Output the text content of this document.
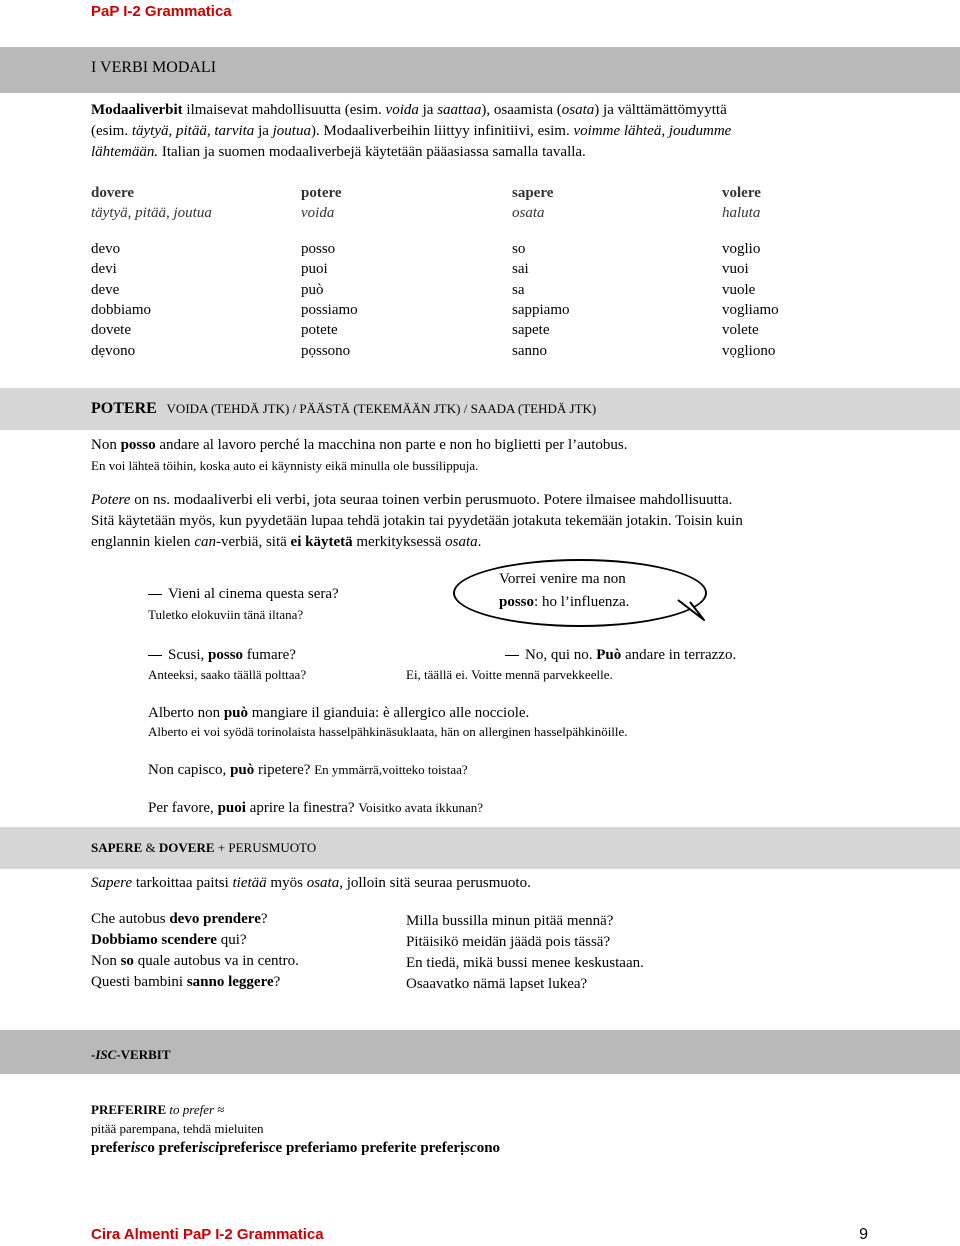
PaP I-2 Grammatica
I VERBI MODALI
Modaaliverbit ilmaisevat mahdollisuutta (esim. voida ja saattaa), osaamista (osata) ja välttämättömyyttä
(esim. täytyä, pitää, tarvita ja joutua). Modaaliverbeihin liittyy infinitiivi, esim. voimme lähteä, joudumme
lähtemään. Italian ja suomen modaaliverbejä käytetään pääasiassa samalla tavalla.
dovere
täytyä, pitää, joutua
devo
devi
deve
dobbiamo
dovete
dẹvono
potere
voida
posso
puoi
può
possiamo
potete
pọssono
sapere
osata
so
sai
sa
sappiamo
sapete
sanno
volere
haluta
voglio
vuoi
vuole
vogliamo
volete
vọgliono
POTERE VOIDA (TEHDÄ JTK) / PÄÄSTÄ (TEKEMÄÄN JTK) / SAADA (TEHDÄ JTK)
Non posso andare al lavoro perché la macchina non parte e non ho biglietti per l’autobus.
En voi lähteä töihin, koska auto ei käynnisty eikä minulla ole bussilippuja.
Potere on ns. modaaliverbi eli verbi, jota seuraa toinen verbin perusmuoto. Potere ilmaisee mahdollisuutta.
Sitä käytetään myös, kun pyydetään lupaa tehdä jotakin tai pyydetään jotakuta tekemään jotakin. Toisin kuin
englannin kielen can-verbiä, sitä ei käytetä merkityksessä osata.
Vorrei venire ma non
posso: ho l’influenza.
Vieni al cinema questa sera?
Tuletko elokuviin tänä iltana?
Scusi, posso fumare?
Anteeksi, saako täällä polttaa?
No, qui no. Può andare in terrazzo.
Ei, täällä ei. Voitte mennä parvekkeelle.
Alberto non può mangiare il gianduia: è allergico alle nocciole.
Alberto ei voi syödä torinolaista hasselpähkinäsuklaata, hän on allerginen hasselpähkinöille.
Non capisco, può ripetere? En ymmärrä,voitteko toistaa?
Per favore, puoi aprire la finestra? Voisitko avata ikkunan?
SAPERE & DOVERE + PERUSMUOTO
Sapere tarkoittaa paitsi tietää myös osata, jolloin sitä seuraa perusmuoto.
Che autobus devo prendere?
Dobbiamo scendere qui?
Non so quale autobus va in centro.
Questi bambini sanno leggere?
Milla bussilla minun pitää mennä?
Pitäisikö meidän jäädä pois tässä?
En tiedä, mikä bussi menee keskustaan.
Osaavatko nämä lapset lukea?
-ISC-VERBIT
PREFERIRE to prefer ≈
pitää parempana, tehdä mieluiten
preferisco preferiscipreferisce preferiamo preferite preferịscono
Cira Almenti PaP I-2 Grammatica	9
